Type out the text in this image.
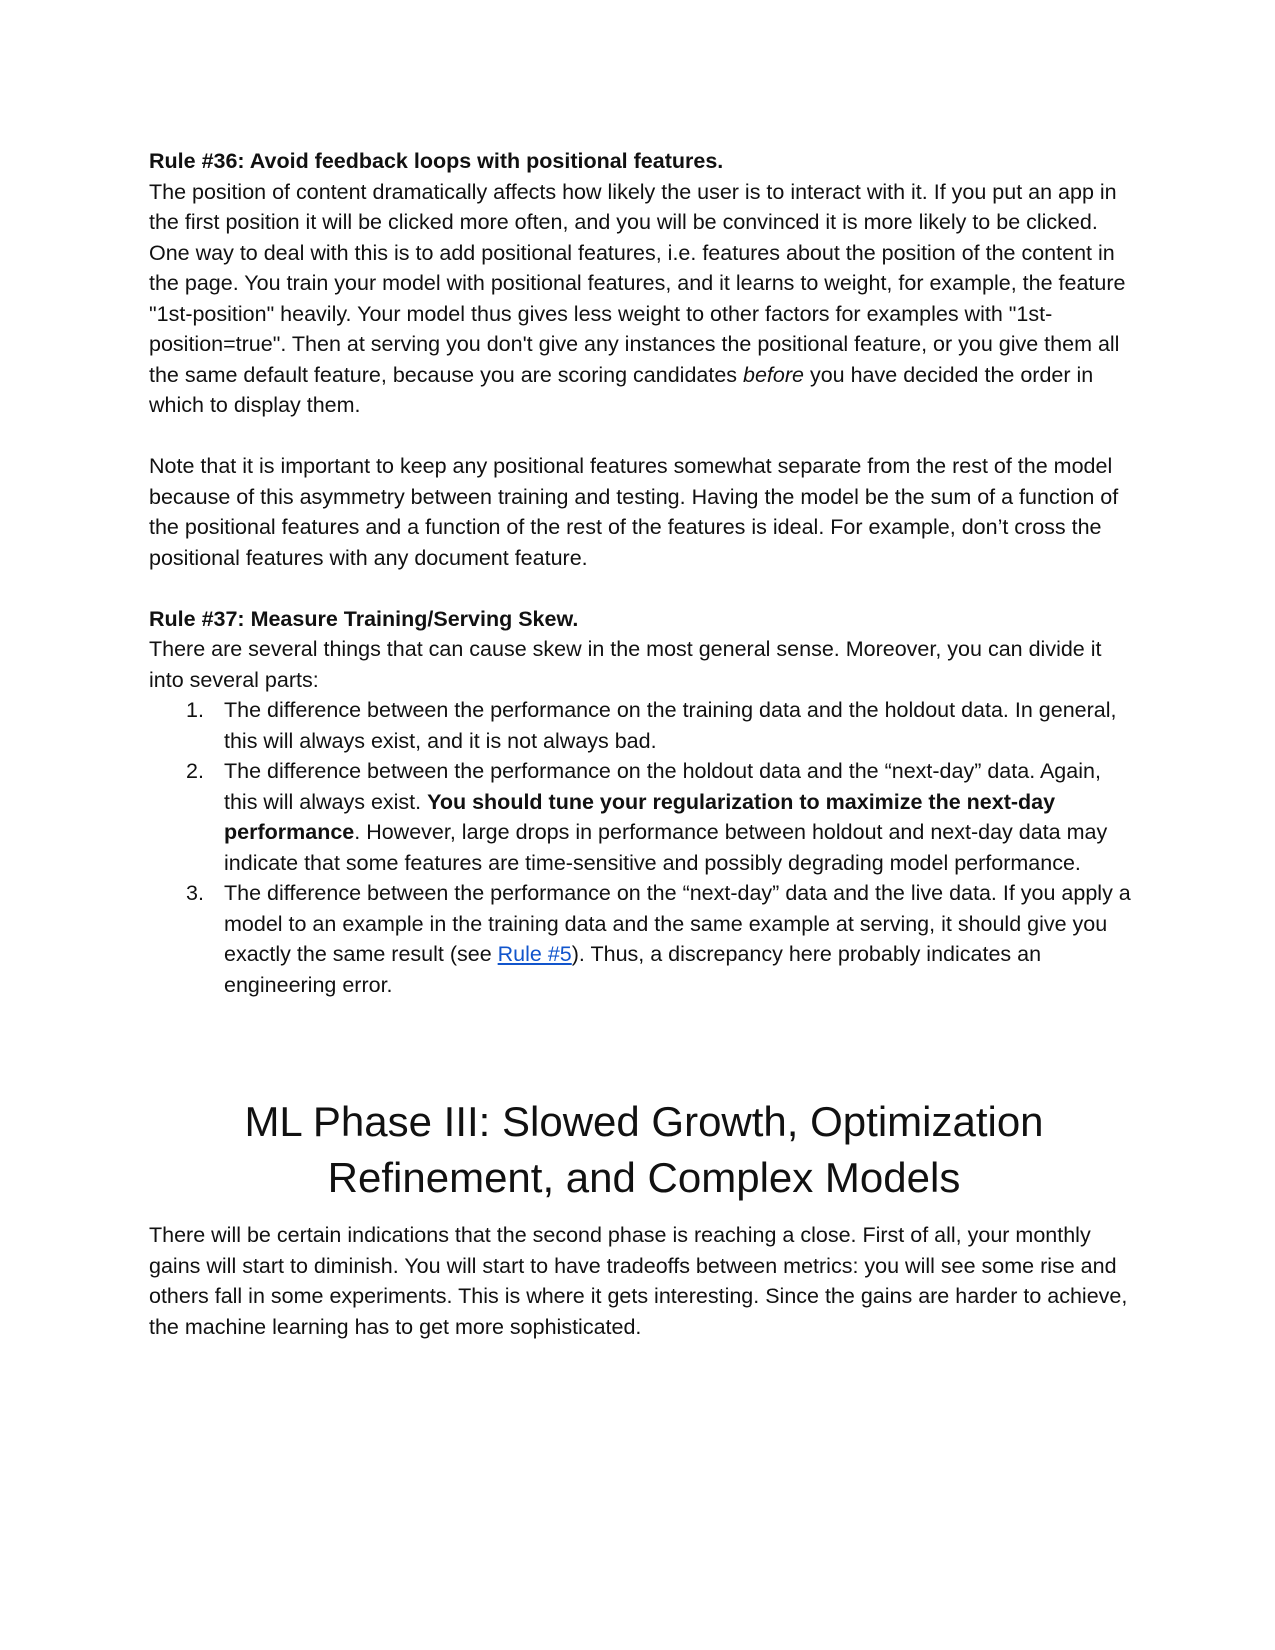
Rule #36: Avoid feedback loops with positional features.

The position of content dramatically affects how likely the user is to interact with it. If you put an app in the first position it will be clicked more often, and you will be convinced it is more likely to be clicked. One way to deal with this is to add positional features, i.e. features about the position of the content in the page. You train your model with positional features, and it learns to weight, for example, the feature "1st-position" heavily. Your model thus gives less weight to other factors for examples with "1st-position=true". Then at serving you don't give any instances the positional feature, or you give them all the same default feature, because you are scoring candidates before you have decided the order in which to display them.

Note that it is important to keep any positional features somewhat separate from the rest of the model because of this asymmetry between training and testing. Having the model be the sum of a function of the positional features and a function of the rest of the features is ideal. For example, don’t cross the positional features with any document feature.

Rule #37: Measure Training/Serving Skew.

There are several things that can cause skew in the most general sense. Moreover, you can divide it into several parts:

1. The difference between the performance on the training data and the holdout data. In general, this will always exist, and it is not always bad.
2. The difference between the performance on the holdout data and the “next-day” data. Again, this will always exist. You should tune your regularization to maximize the next-day performance. However, large drops in performance between holdout and next-day data may indicate that some features are time-sensitive and possibly degrading model performance.
3. The difference between the performance on the “next-day” data and the live data. If you apply a model to an example in the training data and the same example at serving, it should give you exactly the same result (see Rule #5). Thus, a discrepancy here probably indicates an engineering error.
ML Phase III: Slowed Growth, Optimization
Refinement, and Complex Models

There will be certain indications that the second phase is reaching a close. First of all, your monthly gains will start to diminish. You will start to have tradeoffs between metrics: you will see some rise and others fall in some experiments. This is where it gets interesting. Since the gains are harder to achieve, the machine learning has to get more sophisticated.
